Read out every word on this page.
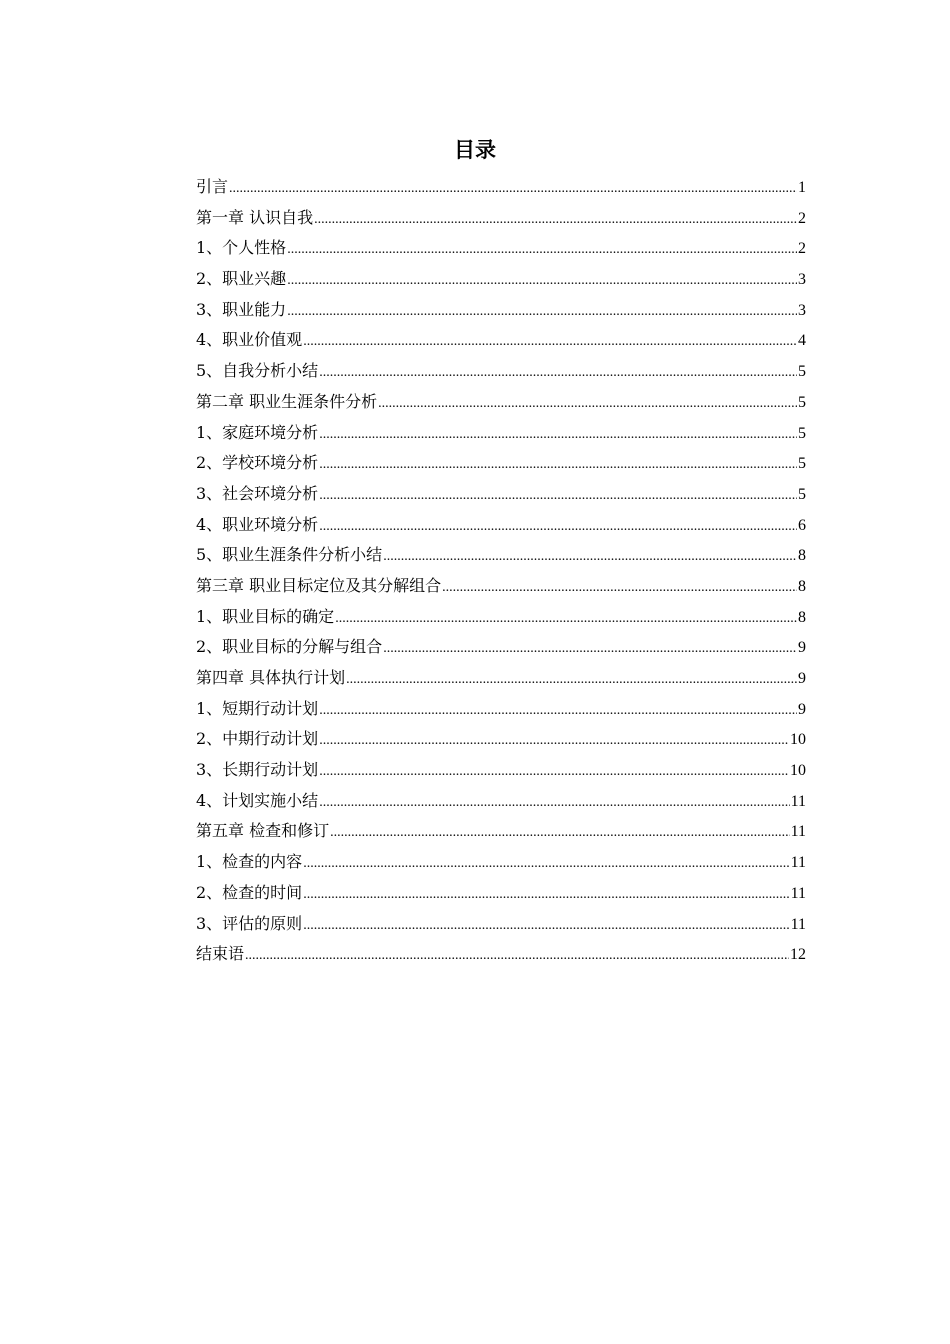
目录
引言 .....	1
第一章 认识自我 .....	2
1、个人性格 .....	2
2、职业兴趣 .....	3
3、职业能力 .....	3
4、职业价值观 .....	4
5、自我分析小结 .....	5
第二章 职业生涯条件分析 .....	5
1、家庭环境分析 .....	5
2、学校环境分析 .....	5
3、社会环境分析 .....	5
4、职业环境分析 .....	6
5、职业生涯条件分析小结 .....	8
第三章 职业目标定位及其分解组合 .....	8
1、职业目标的确定 .....	8
2、职业目标的分解与组合 .....	9
第四章 具体执行计划 .....	9
1、短期行动计划 .....	9
2、中期行动计划 .....	10
3、长期行动计划 .....	10
4、计划实施小结 .....	11
第五章 检查和修订 .....	11
1、检查的内容 .....	11
2、检查的时间 .....	11
3、评估的原则 .....	11
结束语 .....	12
